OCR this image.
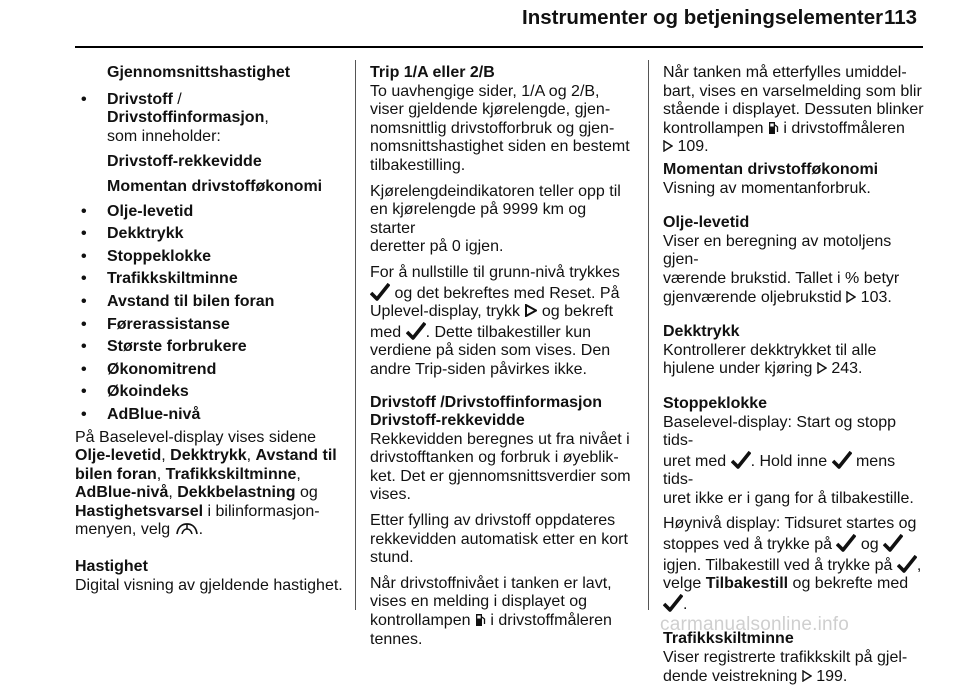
Instrumenter og betjeningselementer 113

Gjennomsnittshastighet

• Drivstoff / Drivstoffinformasjon,
som inneholder:

Drivstoff-rekkevidde

Momentan drivstofføkonomi

• Olje-levetid

• Dekktrykk

• Stoppeklokke

• Trafikkskiltminne

• Avstand til bilen foran

• Førerassistanse

• Største forbrukere

• Økonomitrend

• Økoindeks

• AdBlue-nivå

På Baselevel-display vises sidene
Olje-levetid, Dekktrykk, Avstand til
bilen foran, Trafikkskiltminne,
AdBlue-nivå, Dekkbelastning og
Hastighetsvarsel i bilinformasjon-
menyen, velg .

Hastighet

Digital visning av gjeldende hastighet.

Trip 1/A eller 2/B

To uavhengige sider, 1/A og 2/B,
viser gjeldende kjørelengde, gjen-
nomsnittlig drivstofforbruk og gjen-
nomsnittshastighet siden en bestemt
tilbakestilling.

Kjørelengdeindikatoren teller opp til
en kjørelengde på 9999 km og starter
deretter på 0 igjen.

For å nullstille til grunn-nivå trykkes
og det bekreftes med Reset. På
Uplevel-display, trykk  og bekreft
med . Dette tilbakestiller kun
verdiene på siden som vises. Den
andre Trip-siden påvirkes ikke.

Drivstoff /Drivstoffinformasjon

Drivstoff-rekkevidde

Rekkevidden beregnes ut fra nivået i
drivstofftanken og forbruk i øyeblik-
ket. Det er gjennomsnittsverdier som
vises.

Etter fylling av drivstoff oppdateres
rekkevidden automatisk etter en kort
stund.

Når drivstoffnivået i tanken er lavt,
vises en melding i displayet og
kontrollampen  i drivstoffmåleren
tennes.

Når tanken må etterfylles umiddel-
bart, vises en varselmelding som blir
stående i displayet. Dessuten blinker
kontrollampen  i drivstoffmåleren
109.

Momentan drivstofføkonomi

Visning av momentanforbruk.

Olje-levetid

Viser en beregning av motoljens gjen-
værende brukstid. Tallet i % betyr
gjenværende oljebrukstid  103.

Dekktrykk

Kontrollerer dekktrykket til alle
hjulene under kjøring  243.

Stoppeklokke

Baselevel-display: Start og stopp tids-
uret med . Hold inne  mens tids-
uret ikke er i gang for å tilbakestille.

Høynivå display: Tidsuret startes og
stoppes ved å trykke på  og
igjen. Tilbakestill ved å trykke på ,
velge Tilbakestill og bekrefte med .

Trafikkskiltminne

Viser registrerte trafikkskilt på gjel-
dende veistrekning  199.

carmanualsonline.info
